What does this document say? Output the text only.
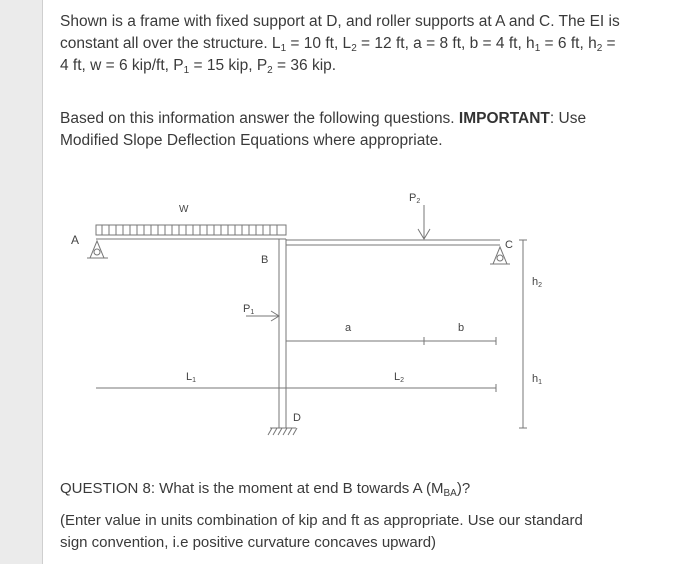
Shown is a frame with fixed support at D, and roller supports at A and C. The EI is
constant all over the structure. $L_1 = 10$ ft, $L_2 = 12$ ft, a = 8 ft, b = 4 ft, $h_1 = 6$ ft, $h_2$ =
4 ft, w = 6 kip/ft, $P_1 = 15$ kip, $P_2 = 36$ kip.
Based on this information answer the following questions. IMPORTANT: Use
Modified Slope Deflection Equations where appropriate.
A
B
C
D
W
P1
P2
a	b
L1	L2
h2
h1
QUESTION 8: What is the moment at end B towards A $(M_{BA})$?
(Enter value in units combination of kip and ft as appropriate. Use our standard
sign convention, i.e positive curvature concaves upward)
